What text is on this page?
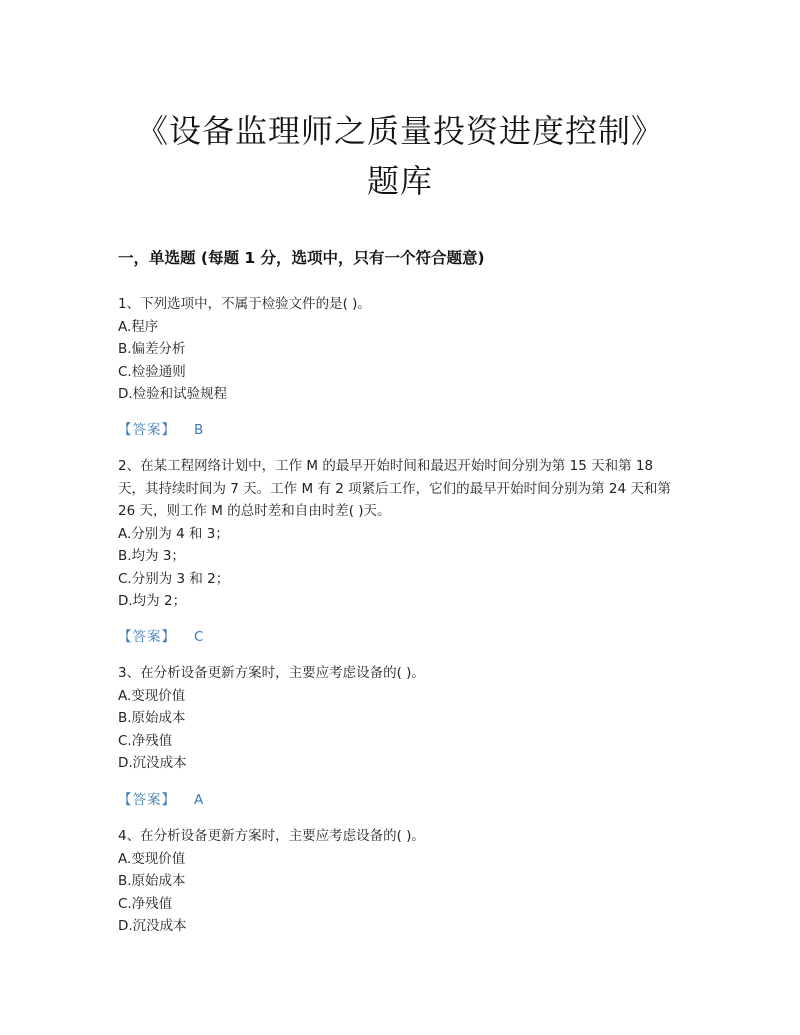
《设备监理师之质量投资进度控制》
题库
一，单选题 (每题 1 分，选项中，只有一个符合题意)
1、下列选项中，不属于检验文件的是( )。
A.程序
B.偏差分析
C.检验通则
D.检验和试验规程
【答案】 B
2、在某工程网络计划中，工作 M 的最早开始时间和最迟开始时间分别为第 15 天和第 18 天，其持续时间为 7 天。工作 M 有 2 项紧后工作，它们的最早开始时间分别为第 24 天和第 26 天，则工作 M 的总时差和自由时差( )天。
A.分别为 4 和 3；
B.均为 3；
C.分别为 3 和 2；
D.均为 2；
【答案】 C
3、在分析设备更新方案时，主要应考虑设备的( )。
A.变现价值
B.原始成本
C.净残值
D.沉没成本
【答案】 A
4、在分析设备更新方案时，主要应考虑设备的( )。
A.变现价值
B.原始成本
C.净残值
D.沉没成本
